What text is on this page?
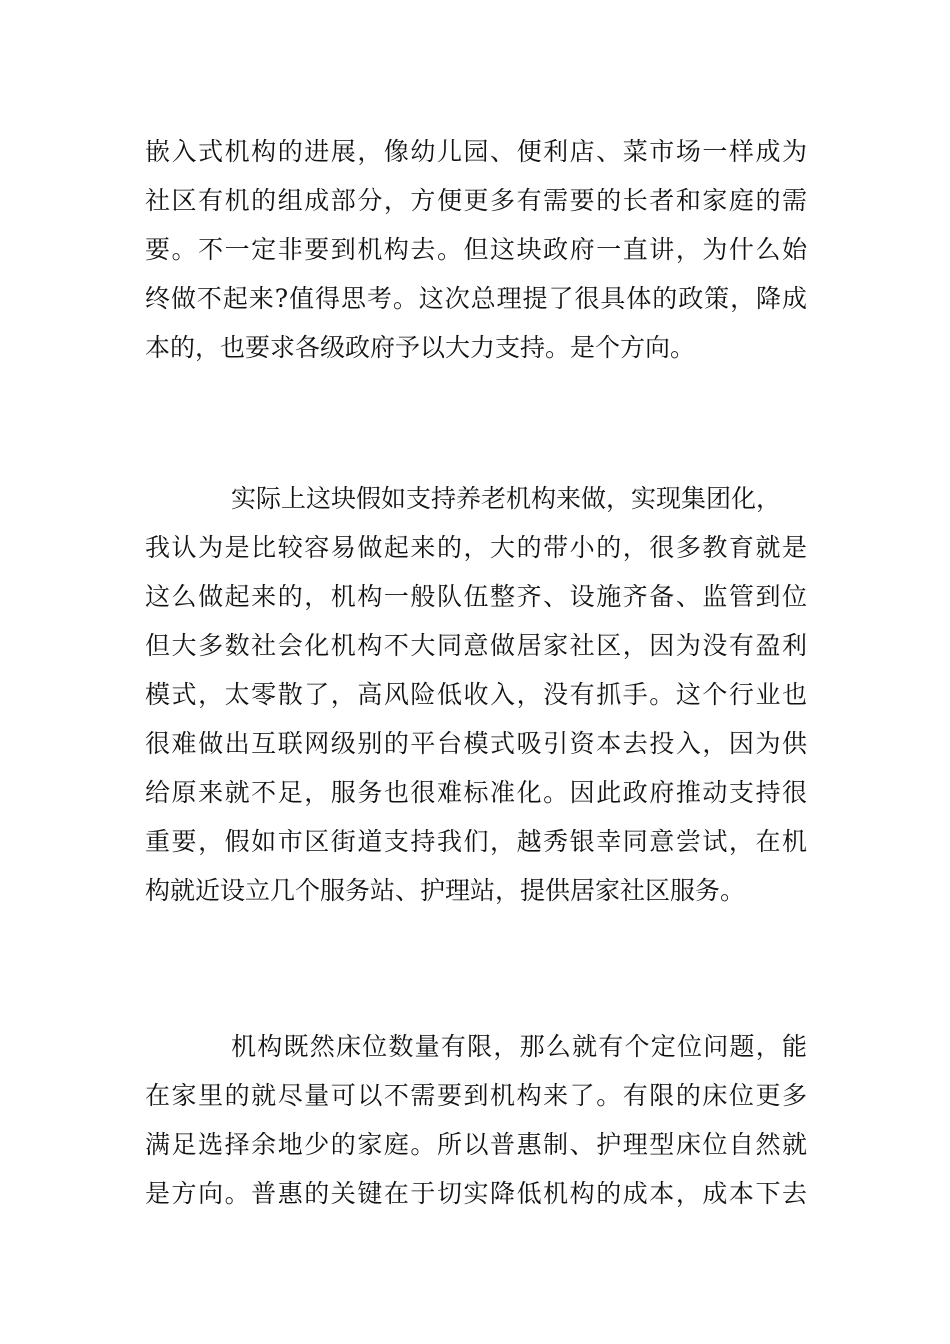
嵌入式机构的进展，像幼儿园、便利店、菜市场一样成为
社区有机的组成部分，方便更多有需要的长者和家庭的需
要。不一定非要到机构去。但这块政府一直讲，为什么始
终做不起来?值得思考。这次总理提了很具体的政策，降成
本的，也要求各级政府予以大力支持。是个方向。
实际上这块假如支持养老机构来做，实现集团化，
我认为是比较容易做起来的，大的带小的，很多教育就是
这么做起来的，机构一般队伍整齐、设施齐备、监管到位
但大多数社会化机构不大同意做居家社区，因为没有盈利
模式，太零散了，高风险低收入，没有抓手。这个行业也
很难做出互联网级别的平台模式吸引资本去投入，因为供
给原来就不足，服务也很难标准化。因此政府推动支持很
重要，假如市区街道支持我们，越秀银幸同意尝试，在机
构就近设立几个服务站、护理站，提供居家社区服务。
机构既然床位数量有限，那么就有个定位问题，能
在家里的就尽量可以不需要到机构来了。有限的床位更多
满足选择余地少的家庭。所以普惠制、护理型床位自然就
是方向。普惠的关键在于切实降低机构的成本，成本下去
